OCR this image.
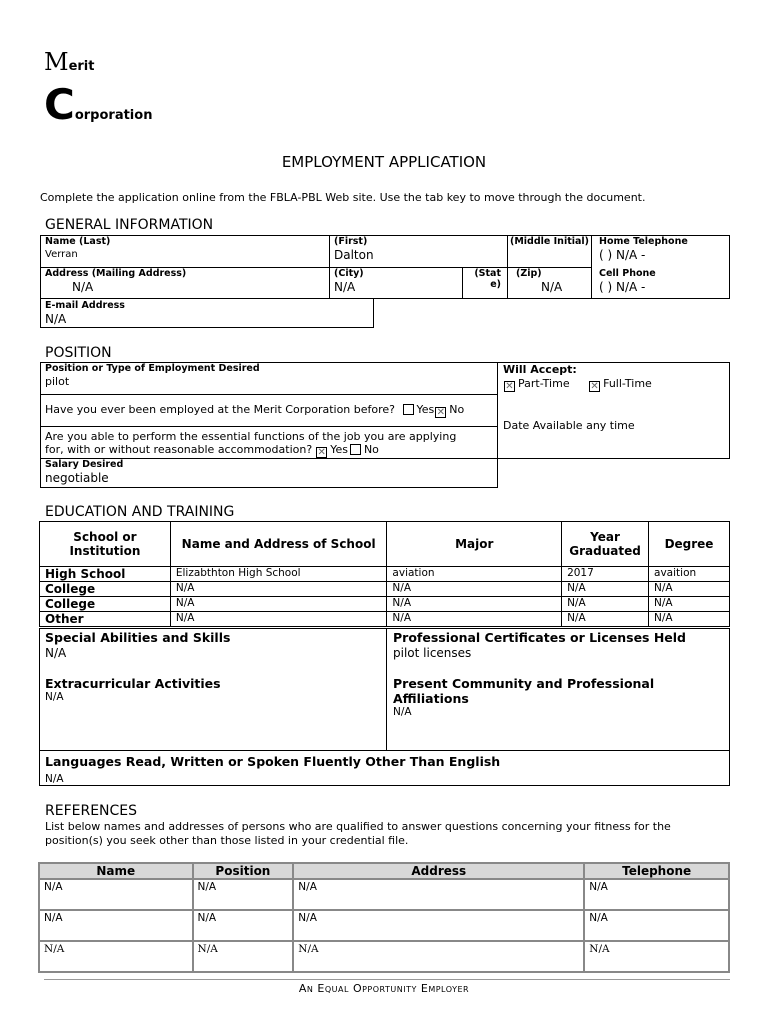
Merit
Corporation
EMPLOYMENT APPLICATION
Complete the application online from the FBLA-PBL Web site. Use the tab key to move through the document.
GENERAL INFORMATION
Name (Last)
Verran
(First)
Dalton
(Middle Initial)	Home Telephone
( ) N/A -
Address (Mailing Address)
N/A
(City)
N/A
(State)
(Zip)
N/A
Cell Phone
( ) N/A -
E-mail Address
N/A
POSITION
Position or Type of Employment Desired
pilot
Will Accept:
✕ Part-Time ✕ Full-Time
Have you ever been employed at the Merit Corporation before? Yes ✕ No
Date Available any time
Are you able to perform the essential functions of the job you are applying
for, with or without reasonable accommodation? ✕ Yes No
Salary Desired
negotiable
EDUCATION AND TRAINING
School or Institution	Name and Address of School	Major	Year Graduated	Degree
High School	Elizabthton High School	aviation	2017	avaition
College	N/A	N/A	N/A	N/A
College	N/A	N/A	N/A	N/A
Other	N/A	N/A	N/A	N/A
Special Abilities and Skills
N/A
Professional Certificates or Licenses Held
pilot licenses
Extracurricular Activities
N/A
Present Community and Professional Affiliations
N/A
Languages Read, Written or Spoken Fluently Other Than English
N/A
REFERENCES
List below names and addresses of persons who are qualified to answer questions concerning your fitness for the position(s) you seek other than those listed in your credential file.
Name	Position	Address	Telephone
N/A	N/A	N/A	N/A
N/A	N/A	N/A	N/A
N/A	N/A	N/A	N/A
An Equal Opportunity Employer
